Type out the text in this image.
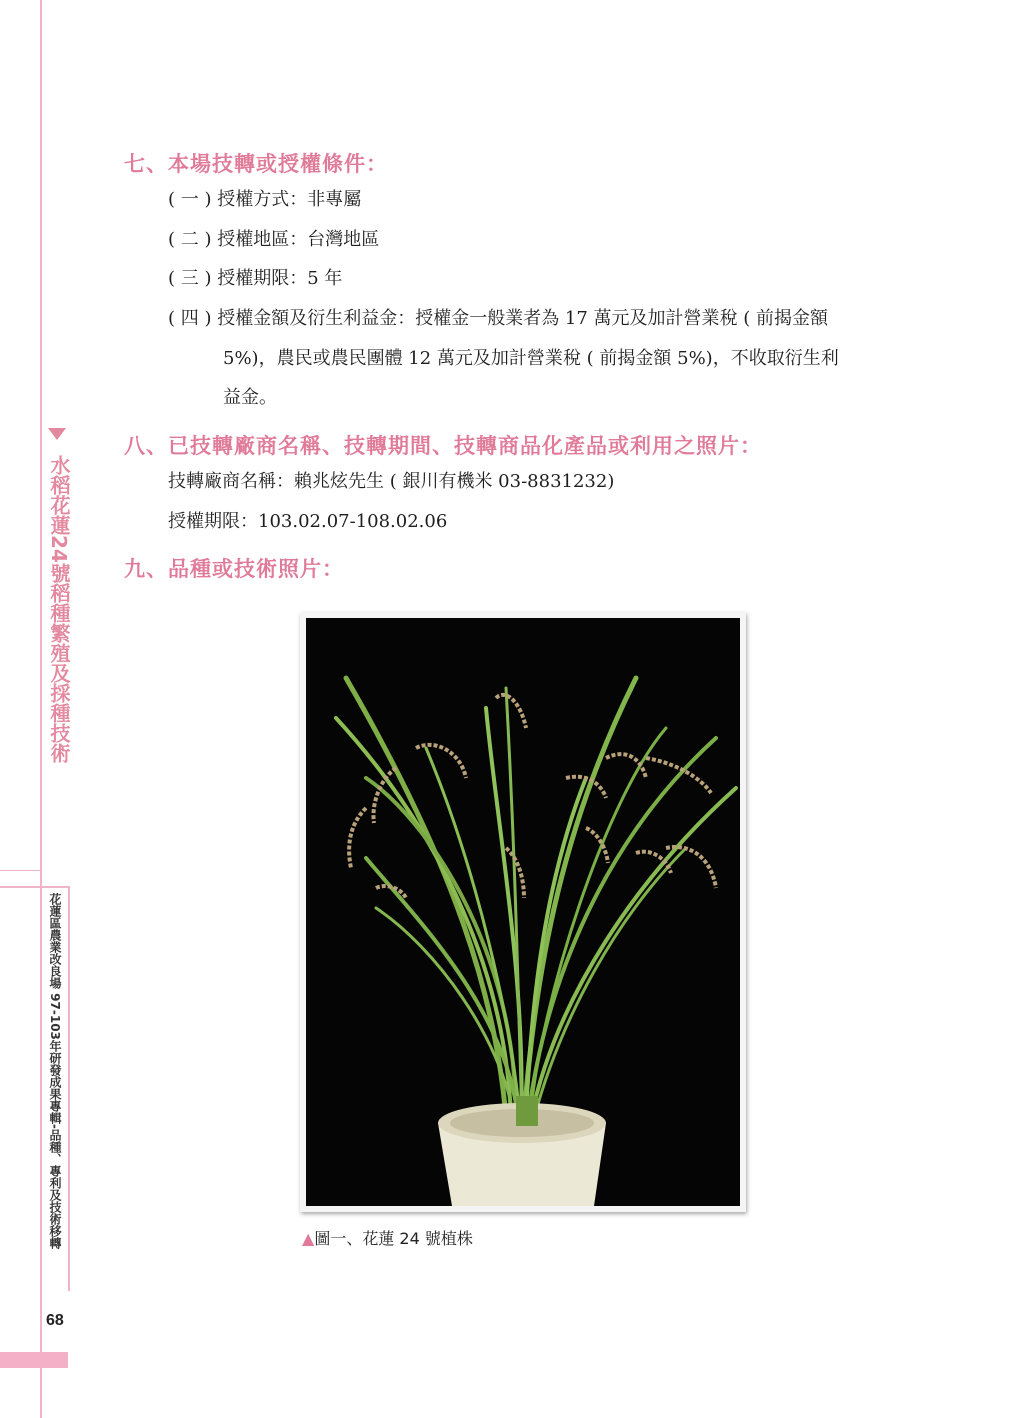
水稻花蓮24號稻種繁殖及採種技術
花蓮區農業改良場 97-103年研發成果專輯-品種、專利及技術移轉
68
七、本場技轉或授權條件：
( 一 ) 授權方式：非專屬
( 二 ) 授權地區：台灣地區
( 三 ) 授權期限：5 年
( 四 ) 授權金額及衍生利益金：授權金一般業者為 17 萬元及加計營業稅 ( 前揭金額
5%)，農民或農民團體 12 萬元及加計營業稅 ( 前揭金額 5%)，不收取衍生利
益金。
八、已技轉廠商名稱、技轉期間、技轉商品化產品或利用之照片：
技轉廠商名稱：賴兆炫先生 ( 銀川有機米 03-8831232)
授權期限：103.02.07-108.02.06
九、品種或技術照片：
▲圖一、花蓮 24 號植株
